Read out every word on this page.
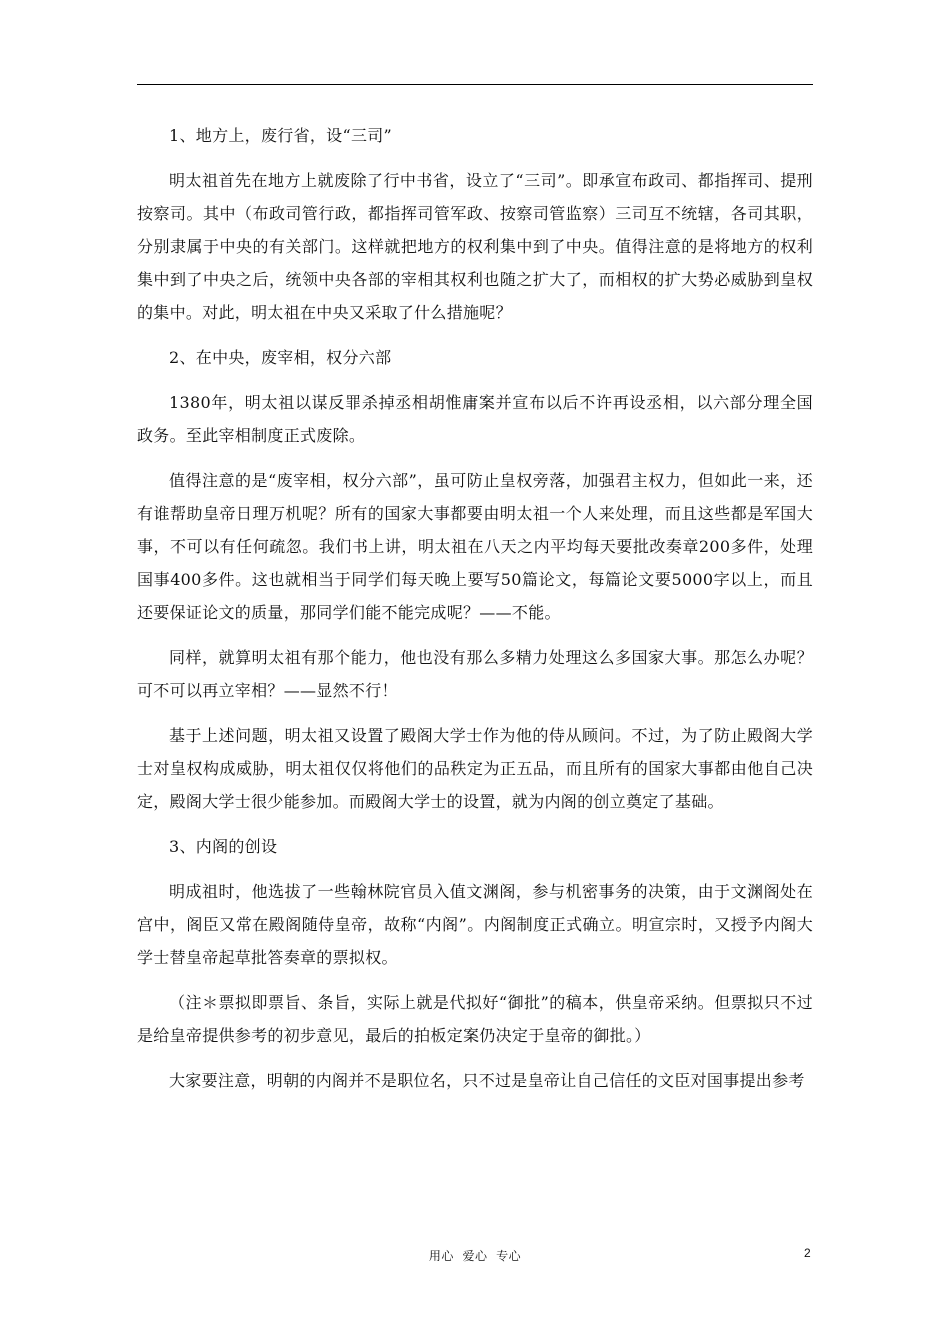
1、地方上，废行省，设“三司”

明太祖首先在地方上就废除了行中书省，设立了“三司”。即承宣布政司、都指挥司、提刑按察司。其中（布政司管行政，都指挥司管军政、按察司管监察）三司互不统辖，各司其职，分别隶属于中央的有关部门。这样就把地方的权利集中到了中央。值得注意的是将地方的权利集中到了中央之后，统领中央各部的宰相其权利也随之扩大了，而相权的扩大势必威胁到皇权的集中。对此，明太祖在中央又采取了什么措施呢？

2、在中央，废宰相，权分六部

1380年，明太祖以谋反罪杀掉丞相胡惟庸案并宣布以后不许再设丞相，以六部分理全国政务。至此宰相制度正式废除。

值得注意的是“废宰相，权分六部”，虽可防止皇权旁落，加强君主权力，但如此一来，还有谁帮助皇帝日理万机呢？所有的国家大事都要由明太祖一个人来处理，而且这些都是军国大事，不可以有任何疏忽。我们书上讲，明太祖在八天之内平均每天要批改奏章200多件，处理国事400多件。这也就相当于同学们每天晚上要写50篇论文，每篇论文要5000字以上，而且还要保证论文的质量，那同学们能不能完成呢？——不能。

同样，就算明太祖有那个能力，他也没有那么多精力处理这么多国家大事。那怎么办呢？可不可以再立宰相？——显然不行！

基于上述问题，明太祖又设置了殿阁大学士作为他的侍从顾问。不过，为了防止殿阁大学士对皇权构成威胁，明太祖仅仅将他们的品秩定为正五品，而且所有的国家大事都由他自己决定，殿阁大学士很少能参加。而殿阁大学士的设置，就为内阁的创立奠定了基础。

3、内阁的创设

明成祖时，他选拔了一些翰林院官员入值文渊阁，参与机密事务的决策，由于文渊阁处在宫中，阁臣又常在殿阁随侍皇帝，故称“内阁”。内阁制度正式确立。明宣宗时，又授予内阁大学士替皇帝起草批答奏章的票拟权。

（注＊票拟即票旨、条旨，实际上就是代拟好“御批”的稿本，供皇帝采纳。但票拟只不过是给皇帝提供参考的初步意见，最后的拍板定案仍决定于皇帝的御批。）

大家要注意，明朝的内阁并不是职位名，只不过是皇帝让自己信任的文臣对国事提出参考

用心  爱心  专心	2
